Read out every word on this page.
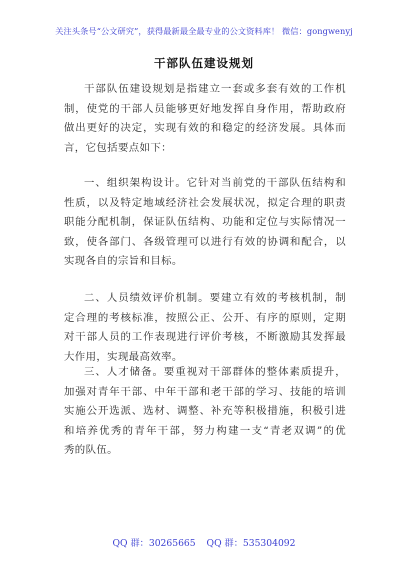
关注头条号“公文研究”，获得最新最全最专业的公文资料库！ 微信：gongwenyj
干部队伍建设规划
干部队伍建设规划是指建立一套或多套有效的工作机
制，使党的干部人员能够更好地发挥自身作用，帮助政府
做出更好的决定，实现有效的和稳定的经济发展。具体而
言，它包括要点如下：
一、组织架构设计。它针对当前党的干部队伍结构和
性质，以及特定地域经济社会发展状况，拟定合理的职责
职能分配机制，保证队伍结构、功能和定位与实际情况一
致，使各部门、各级管理可以进行有效的协调和配合，以
实现各自的宗旨和目标。
二、人员绩效评价机制。要建立有效的考核机制，制
定合理的考核标准，按照公正、公开、有序的原则，定期
对干部人员的工作表现进行评价考核，不断激励其发挥最
大作用，实现最高效率。
三、人才储备。要重视对干部群体的整体素质提升，
加强对青年干部、中年干部和老干部的学习、技能的培训
实施公开选派、选材、调整、补充等积极措施，积极引进
和培养优秀的青年干部，努力构建一支“青老双调”的优
秀的队伍。
QQ 群：30265665 QQ 群：535304092
